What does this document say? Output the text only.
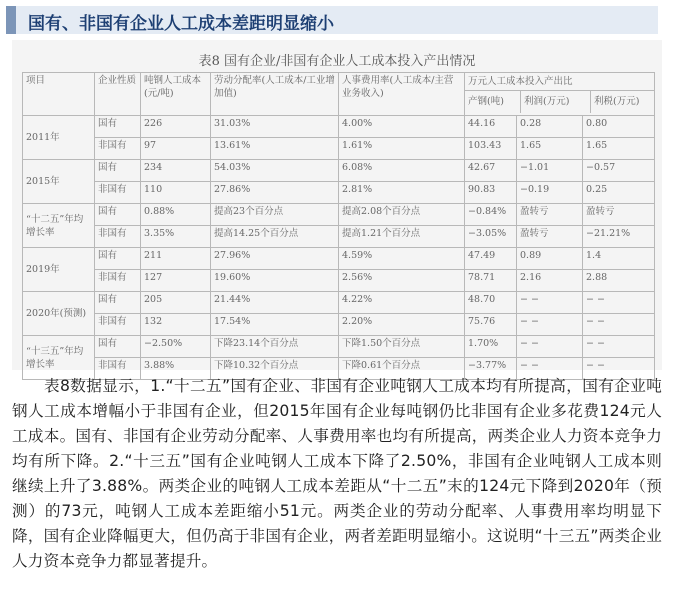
国有、非国有企业人工成本差距明显缩小
表8 国有企业/非国有企业人工成本投入产出情况
项目	企业性质	吨钢人工成本(元/吨)	劳动分配率(人工成本/工业增加值)	人事费用率(人工成本/主营业务收入)	万元人工成本投入产出比
产钢(吨) 利润(万元) 利税(万元)		

2011年	国有	226	31.03%	4.00%	44.16	0.28	0.80
	非国有	97	13.61%	1.61%	103.43	1.65	1.65
2015年	国有	234	54.03%	6.08%	42.67	−1.01	−0.57
	非国有	110	27.86%	2.81%	90.83	−0.19	0.25
“十二五”年均增长率	国有	0.88%	提高23个百分点	提高2.08个百分点	−0.84%	盈转亏	盈转亏
	非国有	3.35%	提高14.25个百分点	提高1.21个百分点	−3.05%	盈转亏	−21.21%
2019年	国有	211	27.96%	4.59%	47.49	0.89	1.4
	非国有	127	19.60%	2.56%	78.71	2.16	2.88
2020年(预测)	国有	205	21.44%	4.22%	48.70	− −	− −
	非国有	132	17.54%	2.20%	75.76	− −	− −
“十三五”年均增长率	国有	−2.50%	下降23.14个百分点	下降1.50个百分点	1.70%	− −	− −
	非国有	3.88%	下降10.32个百分点	下降0.61个百分点	−3.77%	− −	− −
表8数据显示，1.“十二五”国有企业、非国有企业吨钢人工成本均有所提高，国有企业吨钢人工成本增幅小于非国有企业，但2015年国有企业每吨钢仍比非国有企业多花费124元人工成本。国有、非国有企业劳动分配率、人事费用率也均有所提高，两类企业人力资本竞争力均有所下降。2.“十三五”国有企业吨钢人工成本下降了2.50%，非国有企业吨钢人工成本则继续上升了3.88%。两类企业的吨钢人工成本差距从“十二五”末的124元下降到2020年（预测）的73元，吨钢人工成本差距缩小51元。两类企业的劳动分配率、人事费用率均明显下降，国有企业降幅更大，但仍高于非国有企业，两者差距明显缩小。这说明“十三五”两类企业人力资本竞争力都显著提升。
